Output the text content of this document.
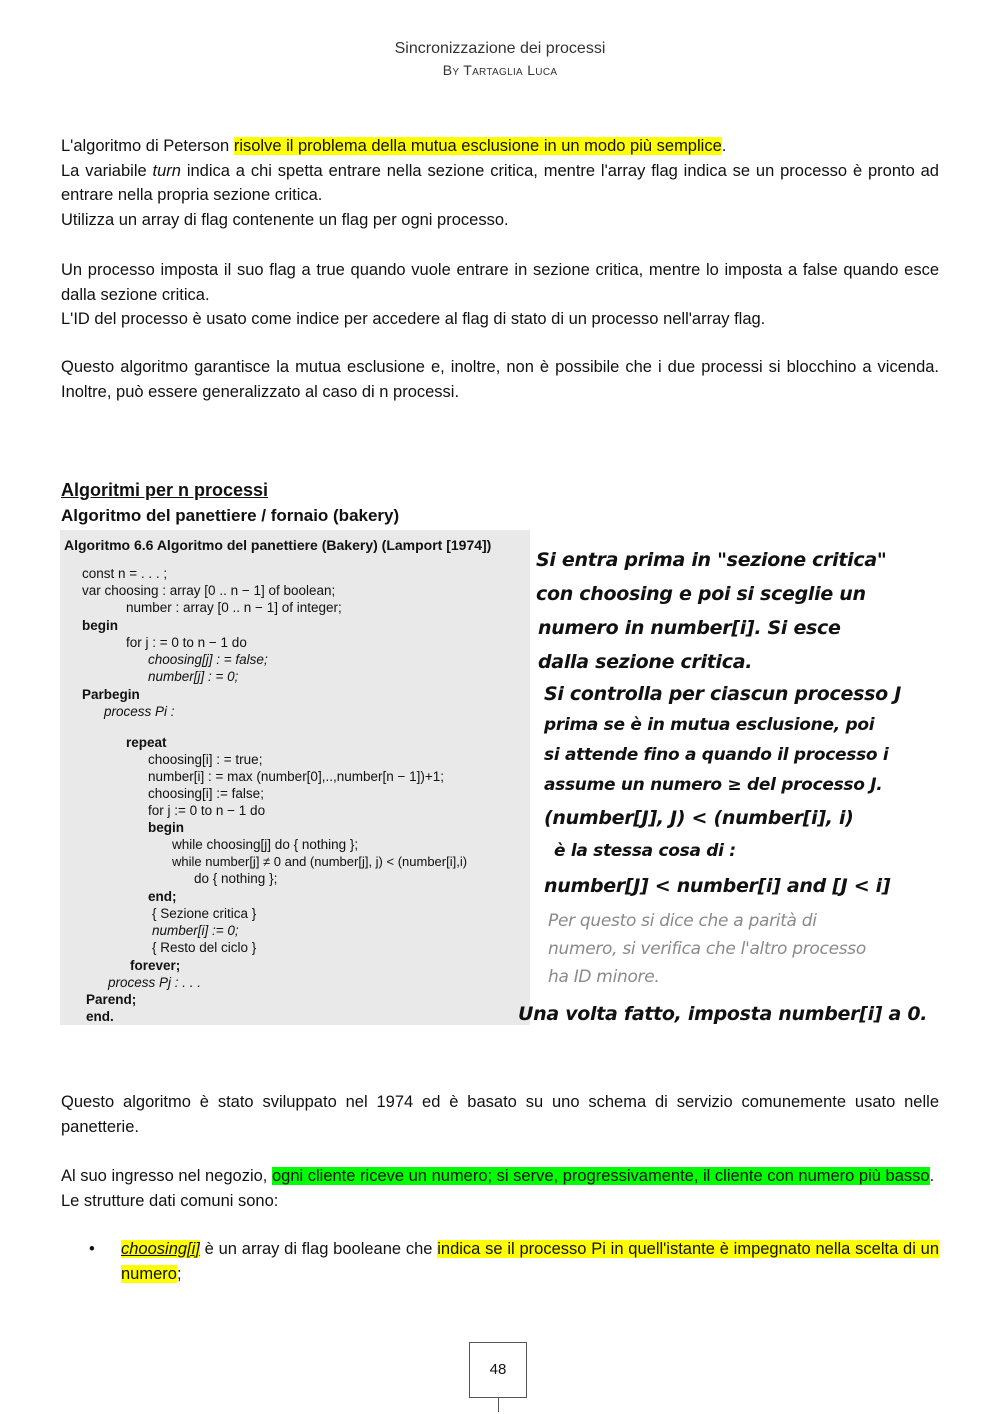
Sincronizzazione dei processi
By Tartaglia Luca
L'algoritmo di Peterson risolve il problema della mutua esclusione in un modo più semplice.
La variabile turn indica a chi spetta entrare nella sezione critica, mentre l'array flag indica se un processo è pronto ad entrare nella propria sezione critica.
Utilizza un array di flag contenente un flag per ogni processo.
Un processo imposta il suo flag a true quando vuole entrare in sezione critica, mentre lo imposta a false quando esce dalla sezione critica.
L'ID del processo è usato come indice per accedere al flag di stato di un processo nell'array flag.
Questo algoritmo garantisce la mutua esclusione e, inoltre, non è possibile che i due processi si blocchino a vicenda. Inoltre, può essere generalizzato al caso di n processi.
Algoritmi per n processi
Algoritmo del panettiere / fornaio (bakery)
Algoritmo 6.6 Algoritmo del panettiere (Bakery) (Lamport [1974])
const n = . . . ;
var choosing : array [0 .. n − 1] of boolean;
number : array [0 .. n − 1] of integer;
begin
for j : = 0 to n − 1 do
choosing[j] : = false;
number[j] : = 0;
Parbegin
process Pi :
repeat
choosing[i] : = true;
number[i] : = max (number[0],..,number[n − 1])+1;
choosing[i] := false;
for j := 0 to n − 1 do
begin
while choosing[j] do { nothing };
while number[j] ≠ 0 and (number[j], j) < (number[i],i)
do { nothing };
end;
{ Sezione critica }
number[i] := 0;
{ Resto del ciclo }
forever;
process Pj : . . .
Parend;
end.
Si entra prima in "sezione critica"
con choosing e poi si sceglie un
numero in number[i]. Si esce
dalla sezione critica.
Si controlla per ciascun processo J
prima se è in mutua esclusione, poi
si attende fino a quando il processo i
assume un numero ≥ del processo J.
(number[J], J) < (number[i], i)
è la stessa cosa di :
number[J] < number[i] and [J < i]
Per questo si dice che a parità di
numero, si verifica che l'altro processo
ha ID minore.
Una volta fatto, imposta number[i] a 0.
Questo algoritmo è stato sviluppato nel 1974 ed è basato su uno schema di servizio comunemente usato nelle panetterie.
Al suo ingresso nel negozio, ogni cliente riceve un numero; si serve, progressivamente, il cliente con numero più basso.
Le strutture dati comuni sono:
• choosing[i] è un array di flag booleane che indica se il processo Pi in quell'istante è impegnato nella scelta di un numero;
48
